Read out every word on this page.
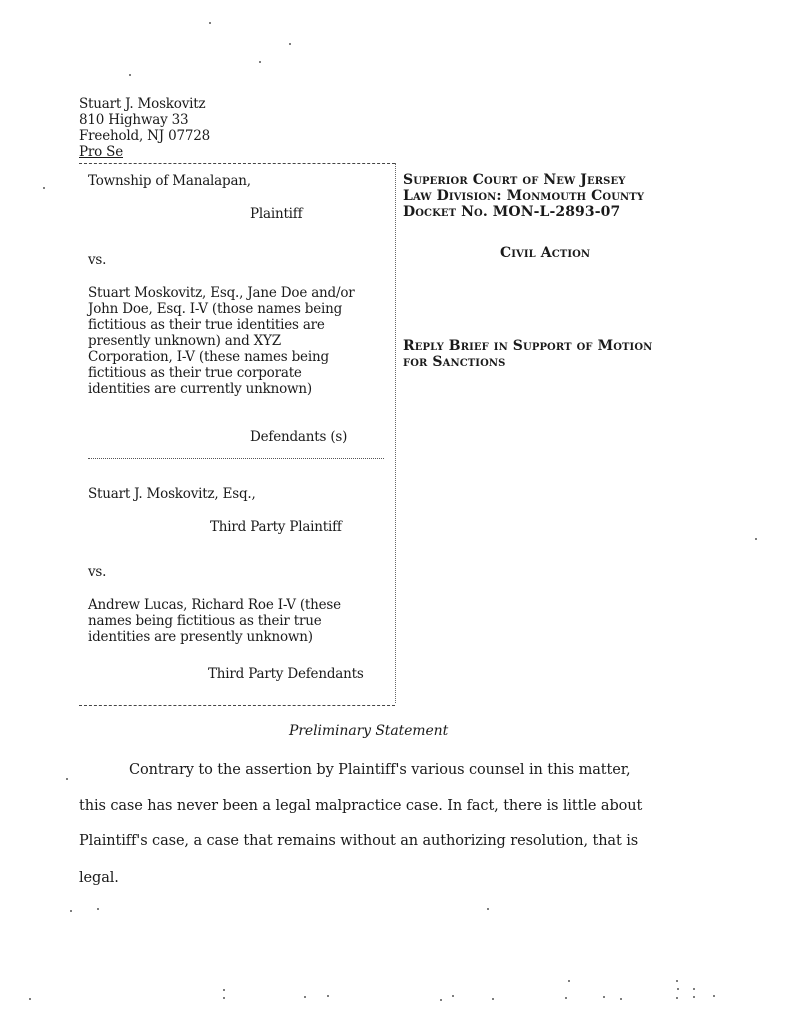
Stuart J. Moskovitz
810 Highway 33
Freehold, NJ 07728
Pro Se
Township of Manalapan,
Plaintiff
vs.
Stuart Moskovitz, Esq., Jane Doe and/or
John Doe, Esq. I-V (those names being
fictitious as their true identities are
presently unknown) and XYZ
Corporation, I-V (these names being
fictitious as their true corporate
identities are currently unknown)
Defendants (s)
Stuart J. Moskovitz, Esq.,
Third Party Plaintiff
vs.
Andrew Lucas, Richard Roe I-V (these
names being fictitious as their true
identities are presently unknown)
Third Party Defendants
Superior Court of New Jersey
Law Division: Monmouth County
Docket No. MON-L-2893-07
Civil Action
Reply Brief in Support of Motion
for Sanctions
Preliminary Statement
Contrary to the assertion by Plaintiff's various counsel in this matter,
this case has never been a legal malpractice case. In fact, there is little about
Plaintiff's case, a case that remains without an authorizing resolution, that is
legal.
